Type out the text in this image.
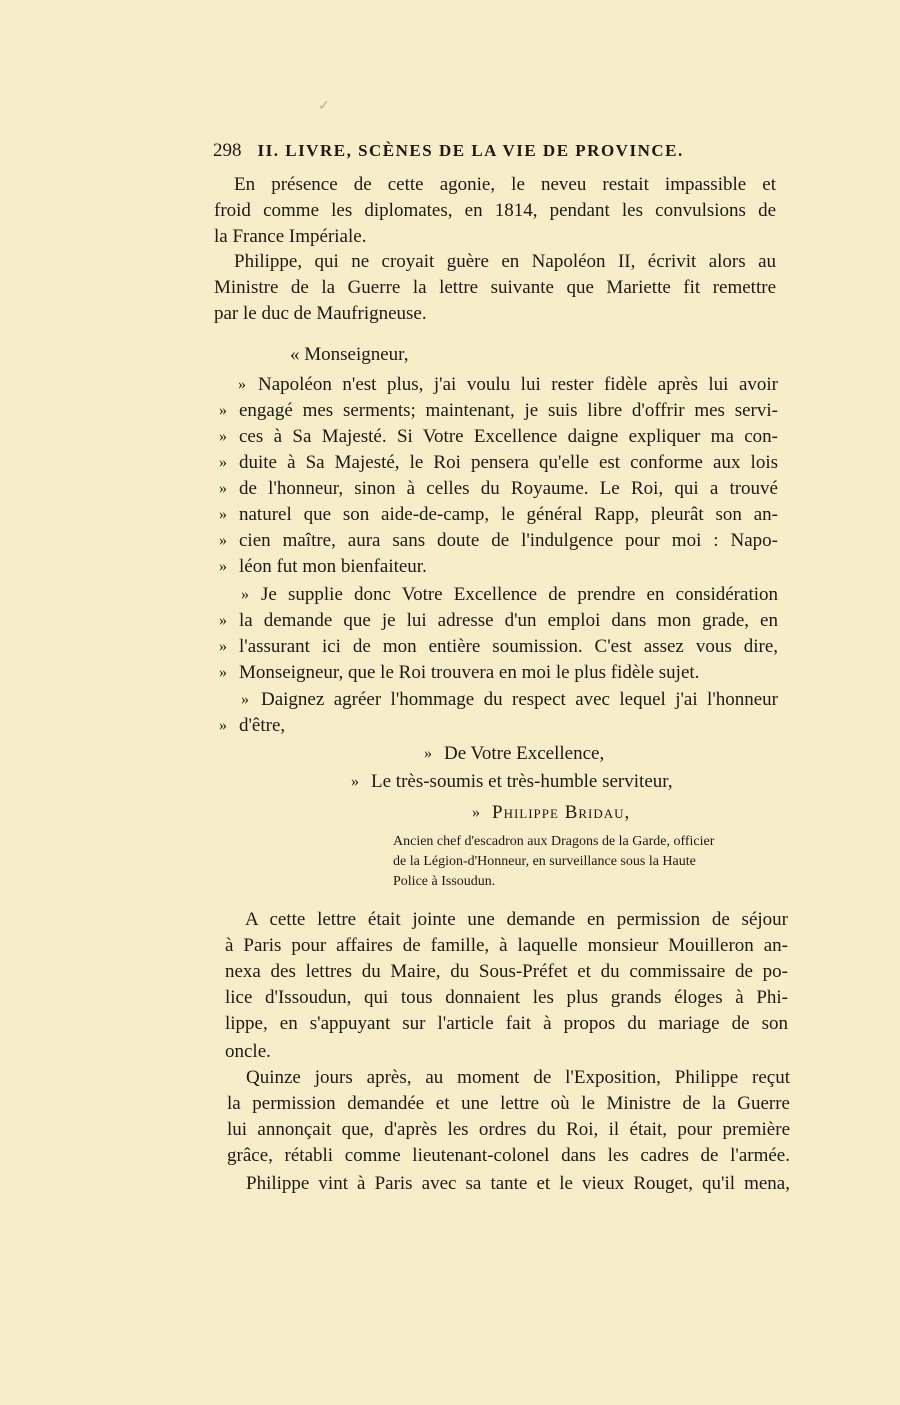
✓
298 II. LIVRE, SCÈNES DE LA VIE DE PROVINCE.
En présence de cette agonie, le neveu restait impassible et
froid comme les diplomates, en 1814, pendant les convulsions de
la France Impériale.
Philippe, qui ne croyait guère en Napoléon II, écrivit alors au
Ministre de la Guerre la lettre suivante que Mariette fit remettre
par le duc de Maufrigneuse.
« Monseigneur,
» Napoléon n'est plus, j'ai voulu lui rester fidèle après lui avoir
» engagé mes serments; maintenant, je suis libre d'offrir mes servi-
» ces à Sa Majesté. Si Votre Excellence daigne expliquer ma con-
» duite à Sa Majesté, le Roi pensera qu'elle est conforme aux lois
» de l'honneur, sinon à celles du Royaume. Le Roi, qui a trouvé
» naturel que son aide-de-camp, le général Rapp, pleurât son an-
» cien maître, aura sans doute de l'indulgence pour moi : Napo-
» léon fut mon bienfaiteur.
» Je supplie donc Votre Excellence de prendre en considération
» la demande que je lui adresse d'un emploi dans mon grade, en
» l'assurant ici de mon entière soumission. C'est assez vous dire,
» Monseigneur, que le Roi trouvera en moi le plus fidèle sujet.
» Daignez agréer l'hommage du respect avec lequel j'ai l'honneur
» d'être,
» De Votre Excellence,
» Le très-soumis et très-humble serviteur,
» Philippe Bridau,
Ancien chef d'escadron aux Dragons de la Garde, officier
de la Légion-d'Honneur, en surveillance sous la Haute
Police à Issoudun.
A cette lettre était jointe une demande en permission de séjour
à Paris pour affaires de famille, à laquelle monsieur Mouilleron an-
nexa des lettres du Maire, du Sous-Préfet et du commissaire de po-
lice d'Issoudun, qui tous donnaient les plus grands éloges à Phi-
lippe, en s'appuyant sur l'article fait à propos du mariage de son
oncle.
Quinze jours après, au moment de l'Exposition, Philippe reçut
la permission demandée et une lettre où le Ministre de la Guerre
lui annonçait que, d'après les ordres du Roi, il était, pour première
grâce, rétabli comme lieutenant-colonel dans les cadres de l'armée.
Philippe vint à Paris avec sa tante et le vieux Rouget, qu'il mena,
